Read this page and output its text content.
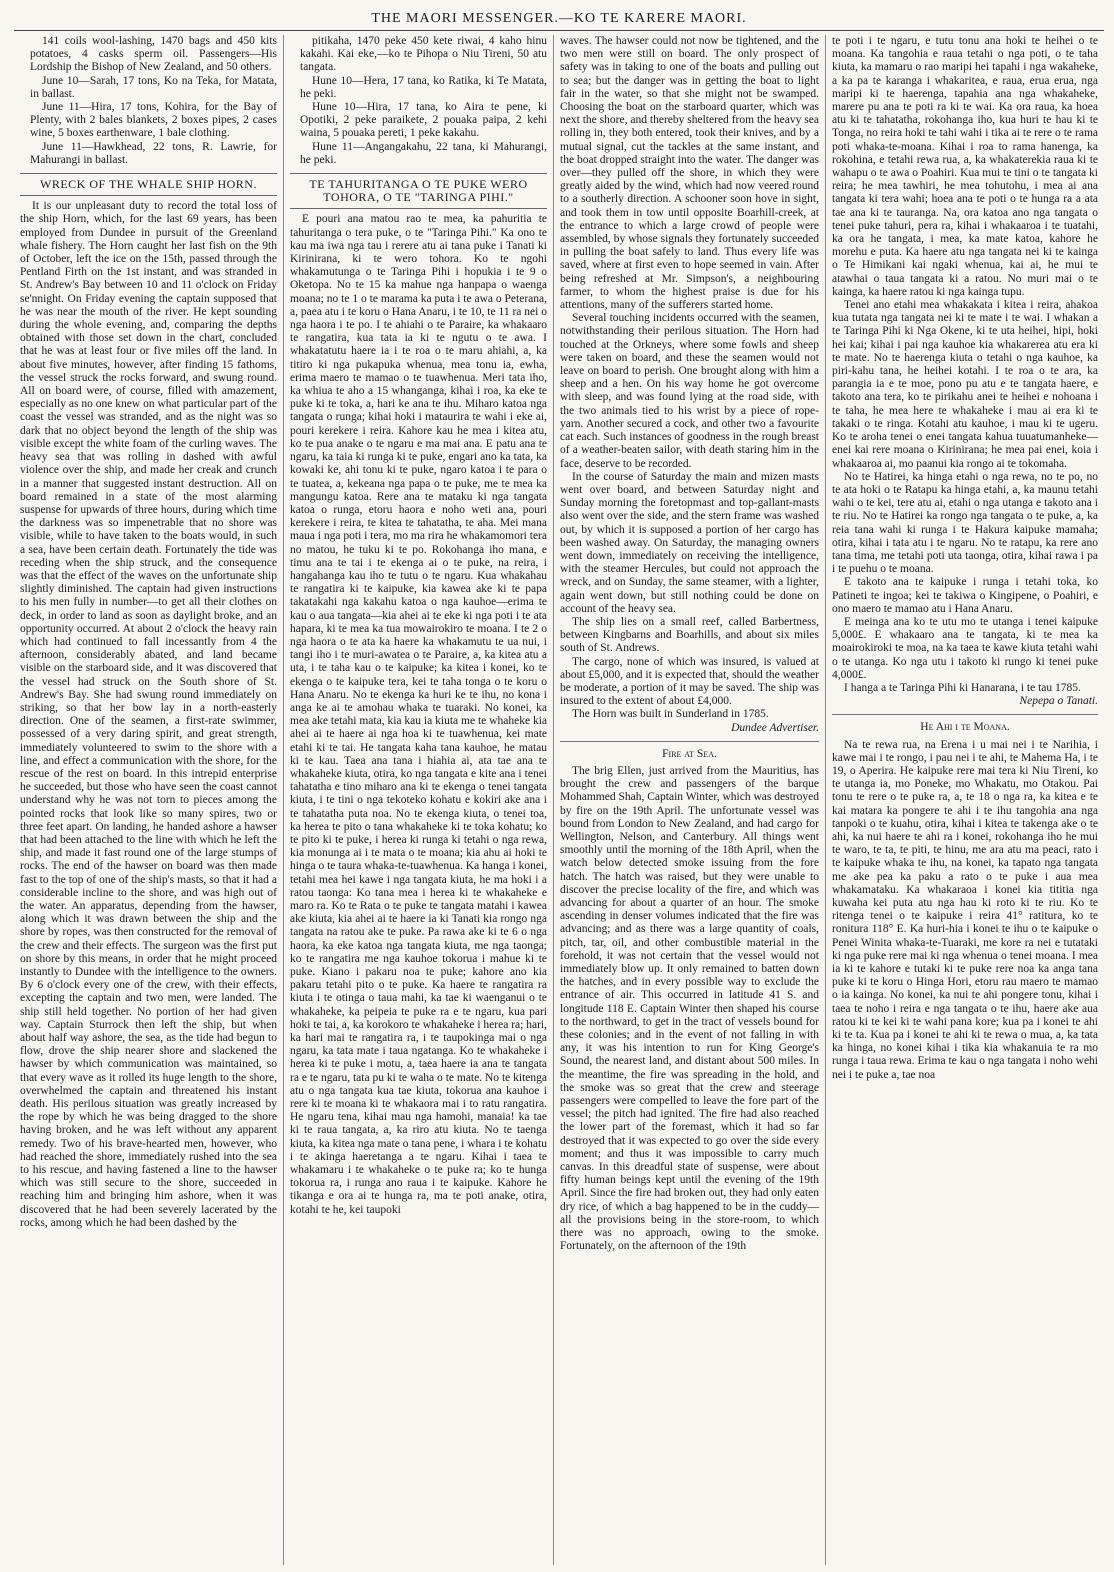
THE MAORI MESSENGER.—KO TE KARERE MAORI.

141 coils wool-lashing, 1470 bags and 450 kits potatoes, 4 casks sperm oil. Passengers—His Lordship the Bishop of New Zealand, and 50 others.

June 10—Sarah, 17 tons, Ko na Teka, for Matata, in ballast.

June 11—Hira, 17 tons, Kohira, for the Bay of Plenty, with 2 bales blankets, 2 boxes pipes, 2 cases wine, 5 boxes earthenware, 1 bale clothing.

June 11—Hawkhead, 22 tons, R. Lawrie, for Mahurangi in ballast.

WRECK OF THE WHALE SHIP HORN.

It is our unpleasant duty to record the total loss of the ship Horn, which, for the last 69 years, has been employed from Dundee in pursuit of the Greenland whale fishery. The Horn caught her last fish on the 9th of October, left the ice on the 15th, passed through the Pentland Firth on the 1st instant, and was stranded in St. Andrew's Bay between 10 and 11 o'clock on Friday se'nnight. On Friday evening the captain supposed that he was near the mouth of the river. He kept sounding during the whole evening, and, comparing the depths obtained with those set down in the chart, concluded that he was at least four or five miles off the land. In about five minutes, however, after finding 15 fathoms, the vessel struck the rocks forward, and swung round. All on board were, of course, filled with amazement, especially as no one knew on what particular part of the coast the vessel was stranded, and as the night was so dark that no object beyond the length of the ship was visible except the white foam of the curling waves. The heavy sea that was rolling in dashed with awful violence over the ship, and made her creak and crunch in a manner that suggested instant destruction. All on board remained in a state of the most alarming suspense for upwards of three hours, during which time the darkness was so impenetrable that no shore was visible, while to have taken to the boats would, in such a sea, have been certain death. Fortunately the tide was receding when the ship struck, and the consequence was that the effect of the waves on the unfortunate ship slightly diminished. The captain had given instructions to his men fully in number—to get all their clothes on deck, in order to land as soon as daylight broke, and an opportunity occurred. At about 2 o'clock the heavy rain which had continued to fall incessantly from 4 the afternoon, considerably abated, and land became visible on the starboard side, and it was discovered that the vessel had struck on the South shore of St. Andrew's Bay. She had swung round immediately on striking, so that her bow lay in a north-easterly direction. One of the seamen, a first-rate swimmer, possessed of a very daring spirit, and great strength, immediately volunteered to swim to the shore with a line, and effect a communication with the shore, for the rescue of the rest on board. In this intrepid enterprise he succeeded, but those who have seen the coast cannot understand why he was not torn to pieces among the pointed rocks that look like so many spires, two or three feet apart. On landing, he handed ashore a hawser that had been attached to the line with which he left the ship, and made it fast round one of the large stumps of rocks. The end of the hawser on board was then made fast to the top of one of the ship's masts, so that it had a considerable incline to the shore, and was high out of the water. An apparatus, depending from the hawser, along which it was drawn between the ship and the shore by ropes, was then constructed for the removal of the crew and their effects. The surgeon was the first put on shore by this means, in order that he might proceed instantly to Dundee with the intelligence to the owners. By 6 o'clock every one of the crew, with their effects, excepting the captain and two men, were landed. The ship still held together. No portion of her had given way. Captain Sturrock then left the ship, but when about half way ashore, the sea, as the tide had begun to flow, drove the ship nearer shore and slackened the hawser by which communication was maintained, so that every wave as it rolled its huge length to the shore, overwhelmed the captain and threatened his instant death. His perilous situation was greatly increased by the rope by which he was being dragged to the shore having broken, and he was left without any apparent remedy. Two of his brave-hearted men, however, who had reached the shore, immediately rushed into the sea to his rescue, and having fastened a line to the hawser which was still secure to the shore, succeeded in reaching him and bringing him ashore, when it was discovered that he had been severely lacerated by the rocks, among which he had been dashed by the

pitikaha, 1470 peke 450 kete riwai, 4 kaho hinu kakahi. Kai eke,—ko te Pihopa o Niu Tireni, 50 atu tangata.

Hune 10—Hera, 17 tana, ko Ratika, ki Te Matata, he peki.

Hune 10—Hira, 17 tana, ko Aira te pene, ki Opotiki, 2 peke paraikete, 2 pouaka paipa, 2 kehi waina, 5 pouaka pereti, 1 peke kakahu.

Hune 11—Angangakahu, 22 tana, ki Mahurangi, he peki.

TE TAHURITANGA O TE PUKE WERO TOHORA, O TE "TARINGA PIHI."

E pouri ana matou rao te mea, ka pahuritia te tahuritanga o tera puke, o te "Taringa Pihi." Ka ono te kau ma iwa nga tau i rerere atu ai tana puke i Tanati ki Kirinirana, ki te wero tohora. Ko te ngohi whakamutunga o te Taringa Pihi i hopukia i te 9 o Oketopa. No te 15 ka mahue nga hanpapa o waenga moana; no te 1 o te marama ka puta i te awa o Peterana, a, paea atu i te koru o Hana Anaru, i te 10, te 11 ra nei o nga haora i te po. I te ahiahi o te Paraire, ka whakaaro te rangatira, kua tata ia ki te ngutu o te awa. I whakatatutu haere ia i te roa o te maru ahiahi, a, ka titiro ki nga pukapuka whenua, mea tonu ia, ewha, erima maero te mamao o te tuawhenua. Meri tata iho, ka whiua te aho a 15 whanganga, kihai i roa, ka eke te puke ki te toka, a, hari ke ana te ihu. Miharo katoa nga tangata o runga; kihai hoki i mataurira te wahi i eke ai, pouri kerekere i reira. Kahore kau he mea i kitea atu, ko te pua anake o te ngaru e ma mai ana. E patu ana te ngaru, ka taia ki runga ki te puke, engari ano ka tata, ka kowaki ke, ahi tonu ki te puke, ngaro katoa i te para o te tuatea, a, kekeana nga papa o te puke, me te mea ka mangungu katoa. Rere ana te mataku ki nga tangata katoa o runga, etoru haora e noho weti ana, pouri kerekere i reira, te kitea te tahatatha, te aha. Mei mana maua i nga poti i tera, mo ma rira he whakamomori tera no matou, he tuku ki te po. Rokohanga iho mana, e timu ana te tai i te ekenga ai o te puke, na reira, i hangahanga kau iho te tutu o te ngaru. Kua whakahau te rangatira ki te kaipuke, kia kawea ake ki te papa takatakahi nga kakahu katoa o nga kauhoe—erima te kau o aua tangata—kia ahei ai te eke ki nga poti i te ata hapara, ki te mea ka tua mowairokiro te moana. I te 2 o nga haora o te ata ka haere ka whakamutu te ua nui, i tangi iho i te muri-awatea o te Paraire, a, ka kitea atu a uta, i te taha kau o te kaipuke; ka kitea i konei, ko te ekenga o te kaipuke tera, kei te taha tonga o te koru o Hana Anaru. No te ekenga ka huri ke te ihu, no kona i anga ke ai te amohau whaka te tuaraki. No konei, ka mea ake tetahi mata, kia kau ia kiuta me te whaheke kia ahei ai te haere ai nga hoa ki te tuawhenua, kei mate etahi ki te tai. He tangata kaha tana kauhoe, he matau ki te kau. Taea ana tana i hiahia ai, ata tae ana te whakaheke kiuta, otira, ko nga tangata e kite ana i tenei tahatatha e tino miharo ana ki te ekenga o tenei tangata kiuta, i te tini o nga tekoteko kohatu e kokiri ake ana i te tahatatha puta noa. No te ekenga kiuta, o tenei toa, ka herea te pito o tana whakaheke ki te toka kohatu; ko te pito ki te puke, i herea ki runga ki tetahi o nga rewa, kia monunga ai i te mata o te moana; kia ahu ai hoki te hinga o te taura whaka-te-tuawhenua. Ka hanga i konei, tetahi mea hei kawe i nga tangata kiuta, he ma hoki i a ratou taonga: Ko tana mea i herea ki te whakaheke e maro ra. Ko te Rata o te puke te tangata matahi i kawea ake kiuta, kia ahei ai te haere ia ki Tanati kia rongo nga tangata na ratou ake te puke. Pa rawa ake ki te 6 o nga haora, ka eke katoa nga tangata kiuta, me nga taonga; ko te rangatira me nga kauhoe tokorua i mahue ki te puke. Kiano i pakaru noa te puke; kahore ano kia pakaru tetahi pito o te puke. Ka haere te rangatira ra kiuta i te otinga o taua mahi, ka tae ki waenganui o te whakaheke, ka peipeia te puke ra e te ngaru, kua pari hoki te tai, a, ka korokoro te whakaheke i herea ra; hari, ka hari mai te rangatira ra, i te taupokinga mai o nga ngaru, ka tata mate i taua ngatanga. Ko te whakaheke i herea ki te puke i motu, a, taea haere ia ana te tangata ra e te ngaru, tata pu ki te waha o te mate. No te kitenga atu o nga tangata kua tae kiuta, tokorua ana kauhoe i rere ki te moana ki te whakaora mai i to ratu rangatira. He ngaru tena, kihai mau nga hamohi, manaia! ka tae ki te raua tangata, a, ka riro atu kiuta. No te taenga kiuta, ka kitea nga mate o tana pene, i whara i te kohatu i te akinga haeretanga a te ngaru. Kihai i taea te whakamaru i te whakaheke o te puke ra; ko te hunga tokorua ra, i runga ano raua i te kaipuke. Kahore he tikanga e ora ai te hunga ra, ma te poti anake, otira, kotahi te he, kei taupoki

waves. The hawser could not now be tightened, and the two men were still on board. The only prospect of safety was in taking to one of the boats and pulling out to sea; but the danger was in getting the boat to light fair in the water, so that she might not be swamped. Choosing the boat on the starboard quarter, which was next the shore, and thereby sheltered from the heavy sea rolling in, they both entered, took their knives, and by a mutual signal, cut the tackles at the same instant, and the boat dropped straight into the water. The danger was over—they pulled off the shore, in which they were greatly aided by the wind, which had now veered round to a southerly direction. A schooner soon hove in sight, and took them in tow until opposite Boarhill-creek, at the entrance to which a large crowd of people were assembled, by whose signals they fortunately succeeded in pulling the boat safely to land. Thus every life was saved, where at first even to hope seemed in vain. After being refreshed at Mr. Simpson's, a neighbouring farmer, to whom the highest praise is due for his attentions, many of the sufferers started home.

Several touching incidents occurred with the seamen, notwithstanding their perilous situation. The Horn had touched at the Orkneys, where some fowls and sheep were taken on board, and these the seamen would not leave on board to perish. One brought along with him a sheep and a hen. On his way home he got overcome with sleep, and was found lying at the road side, with the two animals tied to his wrist by a piece of rope-yarn. Another secured a cock, and other two a favourite cat each. Such instances of goodness in the rough breast of a weather-beaten sailor, with death staring him in the face, deserve to be recorded.

In the course of Saturday the main and mizen masts went over board, and between Saturday night and Sunday morning the foretopmast and top-gallant-masts also went over the side, and the stern frame was washed out, by which it is supposed a portion of her cargo has been washed away. On Saturday, the managing owners went down, immediately on receiving the intelligence, with the steamer Hercules, but could not approach the wreck, and on Sunday, the same steamer, with a lighter, again went down, but still nothing could be done on account of the heavy sea.

The ship lies on a small reef, called Barbertness, between Kingbarns and Boarhills, and about six miles south of St. Andrews.

The cargo, none of which was insured, is valued at about £5,000, and it is expected that, should the weather be moderate, a portion of it may be saved. The ship was insured to the extent of about £4,000.

The Horn was built in Sunderland in 1785.

Dundee Advertiser.

Fire at Sea.

The brig Ellen, just arrived from the Mauritius, has brought the crew and passengers of the barque Mohammed Shah, Captain Winter, which was destroyed by fire on the 19th April. The unfortunate vessel was bound from London to New Zealand, and had cargo for Wellington, Nelson, and Canterbury. All things went smoothly until the morning of the 18th April, when the watch below detected smoke issuing from the fore hatch. The hatch was raised, but they were unable to discover the precise locality of the fire, and which was advancing for about a quarter of an hour. The smoke ascending in denser volumes indicated that the fire was advancing; and as there was a large quantity of coals, pitch, tar, oil, and other combustible material in the forehold, it was not certain that the vessel would not immediately blow up. It only remained to batten down the hatches, and in every possible way to exclude the entrance of air. This occurred in latitude 41 S. and longitude 118 E. Captain Winter then shaped his course to the northward, to get in the tract of vessels bound for these colonies; and in the event of not falling in with any, it was his intention to run for King George's Sound, the nearest land, and distant about 500 miles. In the meantime, the fire was spreading in the hold, and the smoke was so great that the crew and steerage passengers were compelled to leave the fore part of the vessel; the pitch had ignited. The fire had also reached the lower part of the foremast, which it had so far destroyed that it was expected to go over the side every moment; and thus it was impossible to carry much canvas. In this dreadful state of suspense, were about fifty human beings kept until the evening of the 19th April. Since the fire had broken out, they had only eaten dry rice, of which a bag happened to be in the cuddy—all the provisions being in the store-room, to which there was no approach, owing to the smoke. Fortunately, on the afternoon of the 19th

te poti i te ngaru, e tutu tonu ana hoki te heihei o te moana. Ka tangohia e raua tetahi o nga poti, o te taha kiuta, ka mamaru o rao maripi hei tapahi i nga wakaheke, a ka pa te karanga i whakaritea, e raua, erua erua, nga maripi ki te haerenga, tapahia ana nga whakaheke, marere pu ana te poti ra ki te wai. Ka ora raua, ka hoea atu ki te tahatatha, rokohanga iho, kua huri te hau ki te Tonga, no reira hoki te tahi wahi i tika ai te rere o te rama poti whaka-te-moana. Kihai i roa to rama hanenga, ka rokohina, e tetahi rewa rua, a, ka whakaterekia raua ki te wahapu o te awa o Poahiri. Kua mui te tini o te tangata ki reira; he mea tawhiri, he mea tohutohu, i mea ai ana tangata ki tera wahi; hoea ana te poti o te hunga ra a ata tae ana ki te tauranga. Na, ora katoa ano nga tangata o tenei puke tahuri, pera ra, kihai i whakaaroa i te tuatahi, ka ora he tangata, i mea, ka mate katoa, kahore he morehu e puta. Ka haere atu nga tangata nei ki te kainga o Te Himikani kai ngaki whenua, kai ai, he mui te atawhai o taua tangata ki a ratou. No muri mai o te kainga, ka haere ratou ki nga kainga tupu.

Tenei ano etahi mea whakakata i kitea i reira, ahakoa kua tutata nga tangata nei ki te mate i te wai. I whakan a te Taringa Pihi ki Nga Okene, ki te uta heihei, hipi, hoki hei kai; kihai i pai nga kauhoe kia whakarerea atu era ki te mate. No te haerenga kiuta o tetahi o nga kauhoe, ka piri-kahu tana, he heihei kotahi. I te roa o te ara, ka parangia ia e te moe, pono pu atu e te tangata haere, e takoto ana tera, ko te pirikahu anei te heihei e nohoana i te taha, he mea here te whakaheke i mau ai era ki te takaki o te ringa. Kotahi atu kauhoe, i mau ki te ugeru. Ko te aroha tenei o enei tangata kahua tuuatumanheke—enei kai rere moana o Kirinirana; he mea pai enei, koia i whakaaroa ai, mo paanui kia rongo ai te tokomaha.

No te Hatirei, ka hinga etahi o nga rewa, no te po, no te ata hoki o te Ratapu ka hinga etahi, a, ka maunu tetahi wahi o te kei, tere atu ai, etahi o nga utanga e takoto ana i te riu. No te Hatirei ka rongo nga tangata o te puke, a, ka reia tana wahi ki runga i te Hakura kaipuke mamaha; otira, kihai i tata atu i te ngaru. No te ratapu, ka rere ano tana tima, me tetahi poti uta taonga, otira, kihai rawa i pa i te puehu o te moana.

E takoto ana te kaipuke i runga i tetahi toka, ko Patineti te ingoa; kei te takiwa o Kingipene, o Poahiri, e ono maero te mamao atu i Hana Anaru.

E meinga ana ko te utu mo te utanga i tenei kaipuke 5,000£. E whakaaro ana te tangata, ki te mea ka moairokiroki te moa, na ka taea te kawe kiuta tetahi wahi o te utanga. Ko nga utu i takoto ki rungo ki tenei puke 4,000£.

I hanga a te Taringa Pihi ki Hanarana, i te tau 1785.

Nepepa o Tanati.

He Ahi i te Moana.

Na te rewa rua, na Erena i u mai nei i te Narihia, i kawe mai i te rongo, i pau nei i te ahi, te Mahema Ha, i te 19, o Aperira. He kaipuke rere mai tera ki Niu Tireni, ko te utanga ia, mo Poneke, mo Whakatu, mo Otakou. Pai tonu te rere o te puke ra, a, te 18 o nga ra, ka kitea e te kai matara ka pongere te ahi i te ihu tangohia ana nga tanpoki o te kuahu, otira, kihai i kitea te takenga ake o te ahi, ka nui haere te ahi ra i konei, rokohanga iho he mui te waro, te ta, te piti, te hinu, me ara atu ma peaci, rato i te kaipuke whaka te ihu, na konei, ka tapato nga tangata me ake pea ka paku a rato o te puke i aua mea whakamataku. Ka whakaraoa i konei kia tititia nga kuwaha kei puta atu nga hau ki roto ki te riu. Ko te ritenga tenei o te kaipuke i reira 41° ratitura, ko te ronitura 118° E. Ka huri-hia i konei te ihu o te kaipuke o Penei Winita whaka-te-Tuaraki, me kore ra nei e tutataki ki nga puke rere mai ki nga whenua o tenei moana. I mea ia ki te kahore e tutaki ki te puke rere noa ka anga tana puke ki te koru o Hinga Hori, etoru rau maero te mamao o ia kainga. No konei, ka nui te ahi pongere tonu, kihai i taea te noho i reira e nga tangata o te ihu, haere ake aua ratou ki te kei ki te wahi pana kore; kua pa i konei te ahi ki te ta. Kua pa i konei te ahi ki te rewa o mua, a, ka tata ka hinga, no konei kihai i tika kia whakanuia te ra mo runga i taua rewa. Erima te kau o nga tangata i noho wehi nei i te puke a, tae noa
